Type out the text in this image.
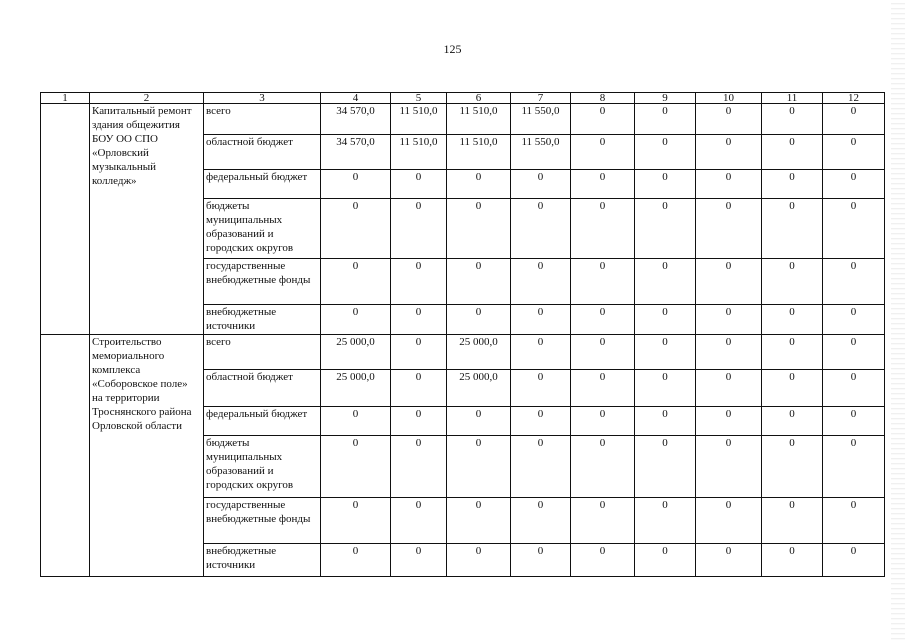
125
1	2	3	4	5	6	7	8	9	10	11	12
	Капитальный ремонт здания общежития БОУ ОО СПО «Орловский музыкальный колледж»	всего	34 570,0	11 510,0	11 510,0	11 550,0	0	0	0	0	0
		областной бюджет	34 570,0	11 510,0	11 510,0	11 550,0	0	0	0	0	0
		федеральный бюджет	0	0	0	0	0	0	0	0	0
		бюджеты муниципальных образований и городских округов	0	0	0	0	0	0	0	0	0
		государственные внебюджетные фонды	0	0	0	0	0	0	0	0	0
		внебюджетные источники	0	0	0	0	0	0	0	0	0
	Строительство мемориального комплекса «Соборовское поле» на территории Троснянского района Орловской области	всего	25 000,0	0	25 000,0	0	0	0	0	0	0
		областной бюджет	25 000,0	0	25 000,0	0	0	0	0	0	0
		федеральный бюджет	0	0	0	0	0	0	0	0	0
		бюджеты муниципальных образований и городских округов	0	0	0	0	0	0	0	0	0
		государственные внебюджетные фонды	0	0	0	0	0	0	0	0	0
		внебюджетные источники	0	0	0	0	0	0	0	0	0
